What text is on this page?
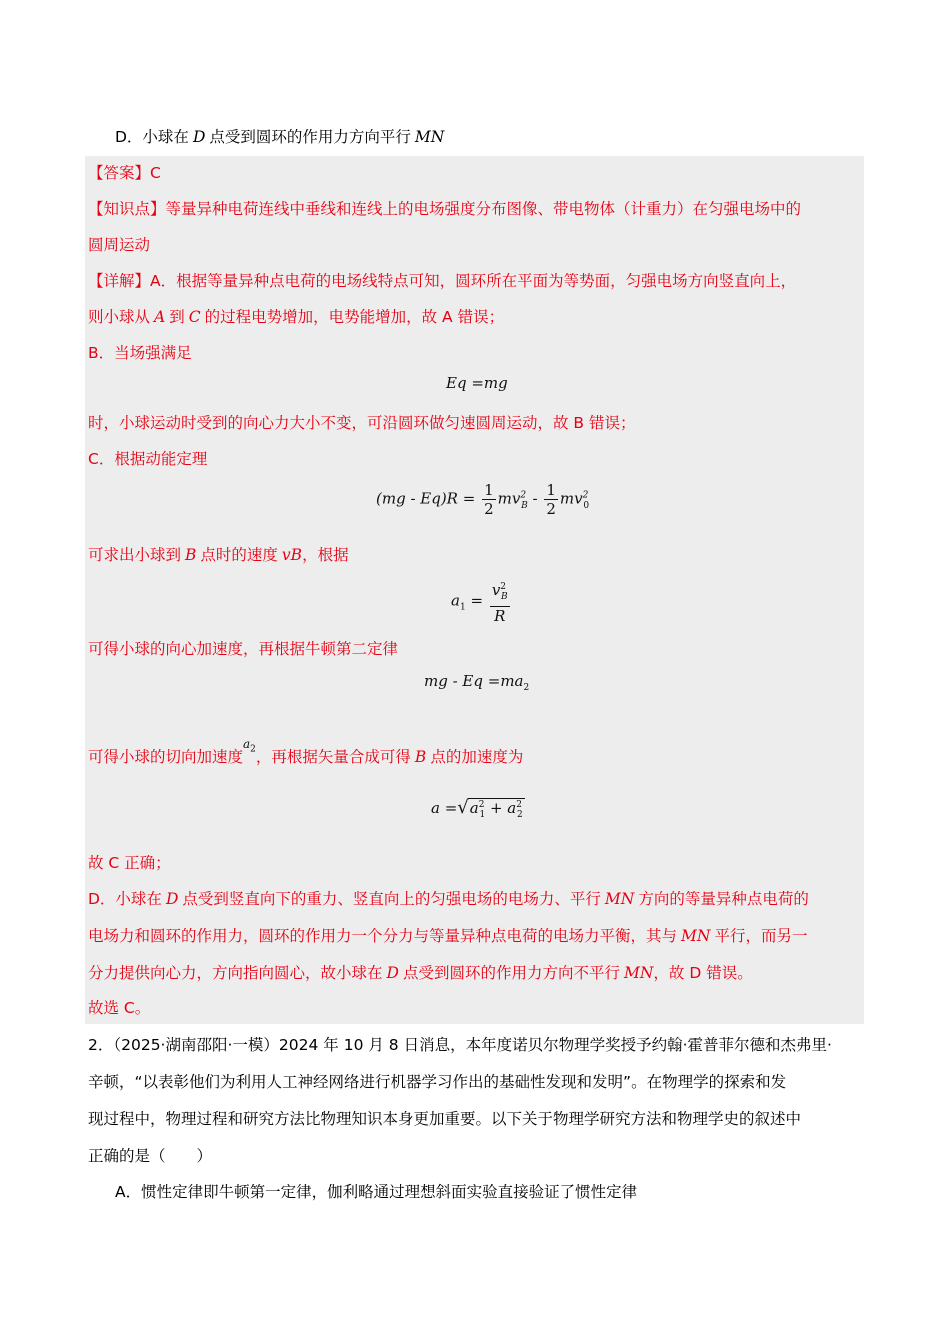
D．小球在 D 点受到圆环的作用力方向平行 MN
【答案】C
【知识点】等量异种电荷连线中垂线和连线上的电场强度分布图像、带电物体（计重力）在匀强电场中的
圆周运动
【详解】A．根据等量异种点电荷的电场线特点可知，圆环所在平面为等势面，匀强电场方向竖直向上，
则小球从 A 到 C 的过程电势增加，电势能增加，故 A 错误；
B．当场强满足
Eq =mg
时，小球运动时受到的向心力大小不变，可沿圆环做匀速圆周运动，故 B 错误；
C．根据动能定理
$(mg - Eq)R = \frac{1}{2} mv^2_B - \frac{1}{2} mv^2_0$
可求出小球到 B 点时的速度 vB，根据
$a_1 = \frac{v^2_B}{R}$
可得小球的向心加速度，再根据牛顿第二定律
mg - $Eq =ma_2$
可得小球的切向加速度$^{a_2}$，再根据矢量合成可得 B 点的加速度为
$a =√a^2_1 + a^2_2$
故 C 正确；
D．小球在 D 点受到竖直向下的重力、竖直向上的匀强电场的电场力、平行 MN 方向的等量异种点电荷的
电场力和圆环的作用力，圆环的作用力一个分力与等量异种点电荷的电场力平衡，其与 MN 平行，而另一
分力提供向心力，方向指向圆心，故小球在 D 点受到圆环的作用力方向不平行 MN，故 D 错误。
故选 C。
2．（2025·湖南邵阳·一模）2024 年 10 月 8 日消息，本年度诺贝尔物理学奖授予约翰·霍普菲尔德和杰弗里·
辛顿，“以表彰他们为利用人工神经网络进行机器学习作出的基础性发现和发明”。在物理学的探索和发
现过程中，物理过程和研究方法比物理知识本身更加重要。以下关于物理学研究方法和物理学史的叙述中
正确的是（　　）
A．惯性定律即牛顿第一定律，伽利略通过理想斜面实验直接验证了惯性定律
